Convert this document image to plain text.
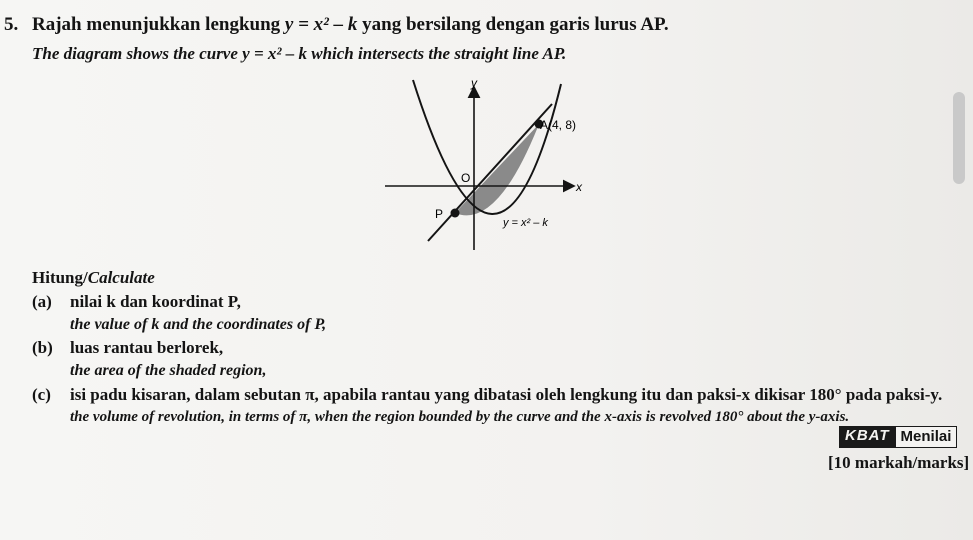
5. Rajah menunjukkan lengkung y = x² – k yang bersilang dengan garis lurus AP.
The diagram shows the curve y = x² – k which intersects the straight line AP.
y
x
O
A(4, 8)
P
y = x² – k
Hitung/Calculate
(a) nilai k dan koordinat P,
the value of k and the coordinates of P,
(b) luas rantau berlorek,
the area of the shaded region,
(c) isi padu kisaran, dalam sebutan π, apabila rantau yang dibatasi oleh lengkung itu dan paksi-x dikisar 180° pada paksi-y.
the volume of revolution, in terms of π, when the region bounded by the curve and the x-axis is revolved 180° about the y-axis.
KBAT Menilai
[10 markah/marks]
